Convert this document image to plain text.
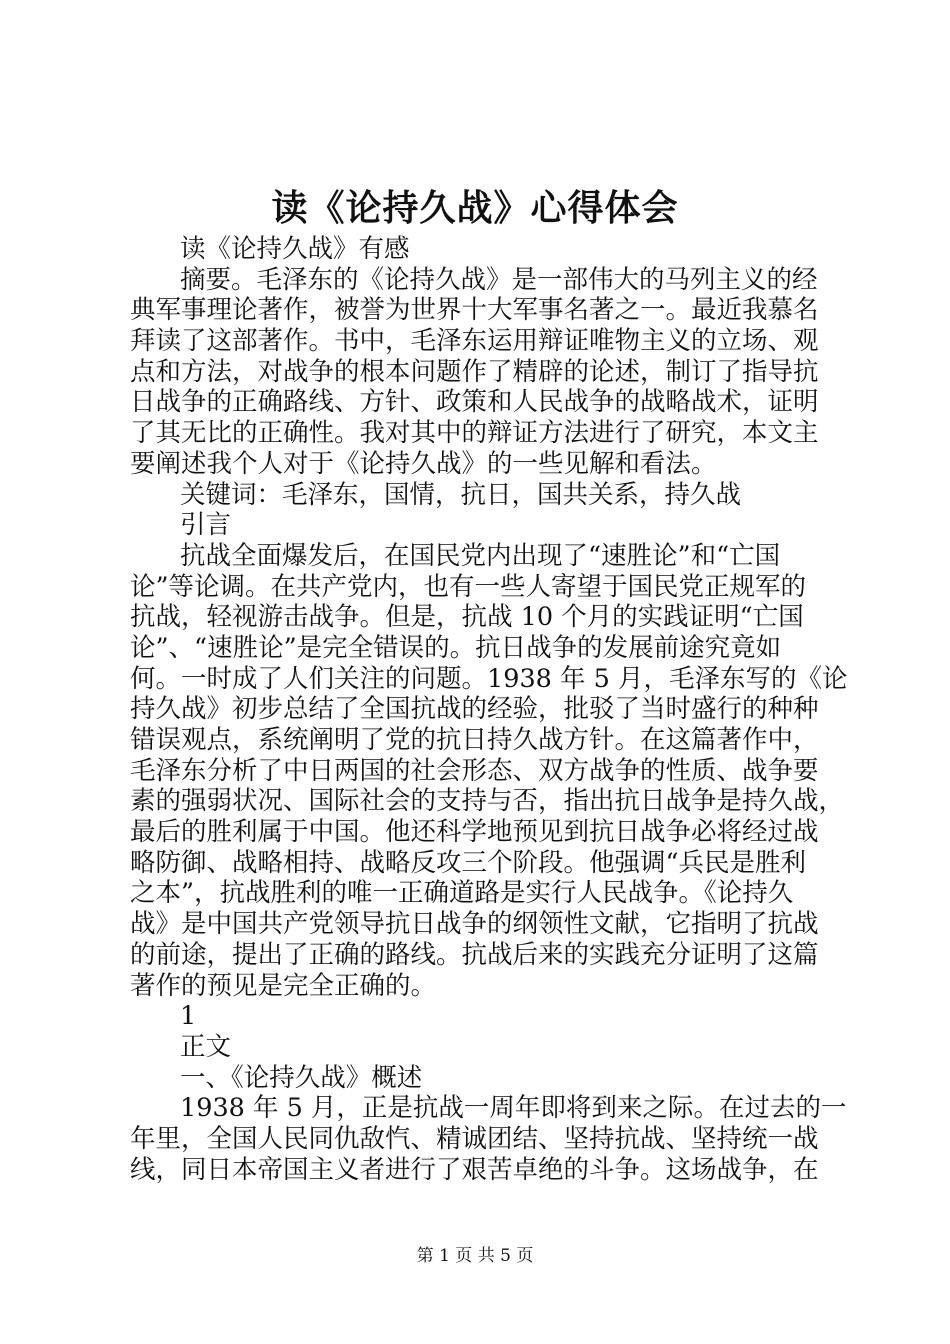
读《论持久战》心得体会
读《论持久战》有感
摘要。毛泽东的《论持久战》是一部伟大的马列主义的经
典军事理论著作，被誉为世界十大军事名著之一。最近我慕名
拜读了这部著作。书中，毛泽东运用辩证唯物主义的立场、观
点和方法，对战争的根本问题作了精辟的论述，制订了指导抗
日战争的正确路线、方针、政策和人民战争的战略战术，证明
了其无比的正确性。我对其中的辩证方法进行了研究，本文主
要阐述我个人对于《论持久战》的一些见解和看法。
关键词：毛泽东，国情，抗日，国共关系，持久战
引言
抗战全面爆发后，在国民党内出现了“速胜论”和“亡国
论”等论调。在共产党内，也有一些人寄望于国民党正规军的
抗战，轻视游击战争。但是，抗战 10 个月的实践证明“亡国
论”、“速胜论”是完全错误的。抗日战争的发展前途究竟如
何。一时成了人们关注的问题。1938 年 5 月，毛泽东写的《论
持久战》初步总结了全国抗战的经验，批驳了当时盛行的种种
错误观点，系统阐明了党的抗日持久战方针。在这篇著作中，
毛泽东分析了中日两国的社会形态、双方战争的性质、战争要
素的强弱状况、国际社会的支持与否，指出抗日战争是持久战，
最后的胜利属于中国。他还科学地预见到抗日战争必将经过战
略防御、战略相持、战略反攻三个阶段。他强调“兵民是胜利
之本”，抗战胜利的唯一正确道路是实行人民战争。《论持久
战》是中国共产党领导抗日战争的纲领性文献，它指明了抗战
的前途，提出了正确的路线。抗战后来的实践充分证明了这篇
著作的预见是完全正确的。
1
正文
一、《论持久战》概述
1938 年 5 月，正是抗战一周年即将到来之际。在过去的一
年里，全国人民同仇敌忾、精诚团结、坚持抗战、坚持统一战
线，同日本帝国主义者进行了艰苦卓绝的斗争。这场战争，在
第 1 页 共 5 页
